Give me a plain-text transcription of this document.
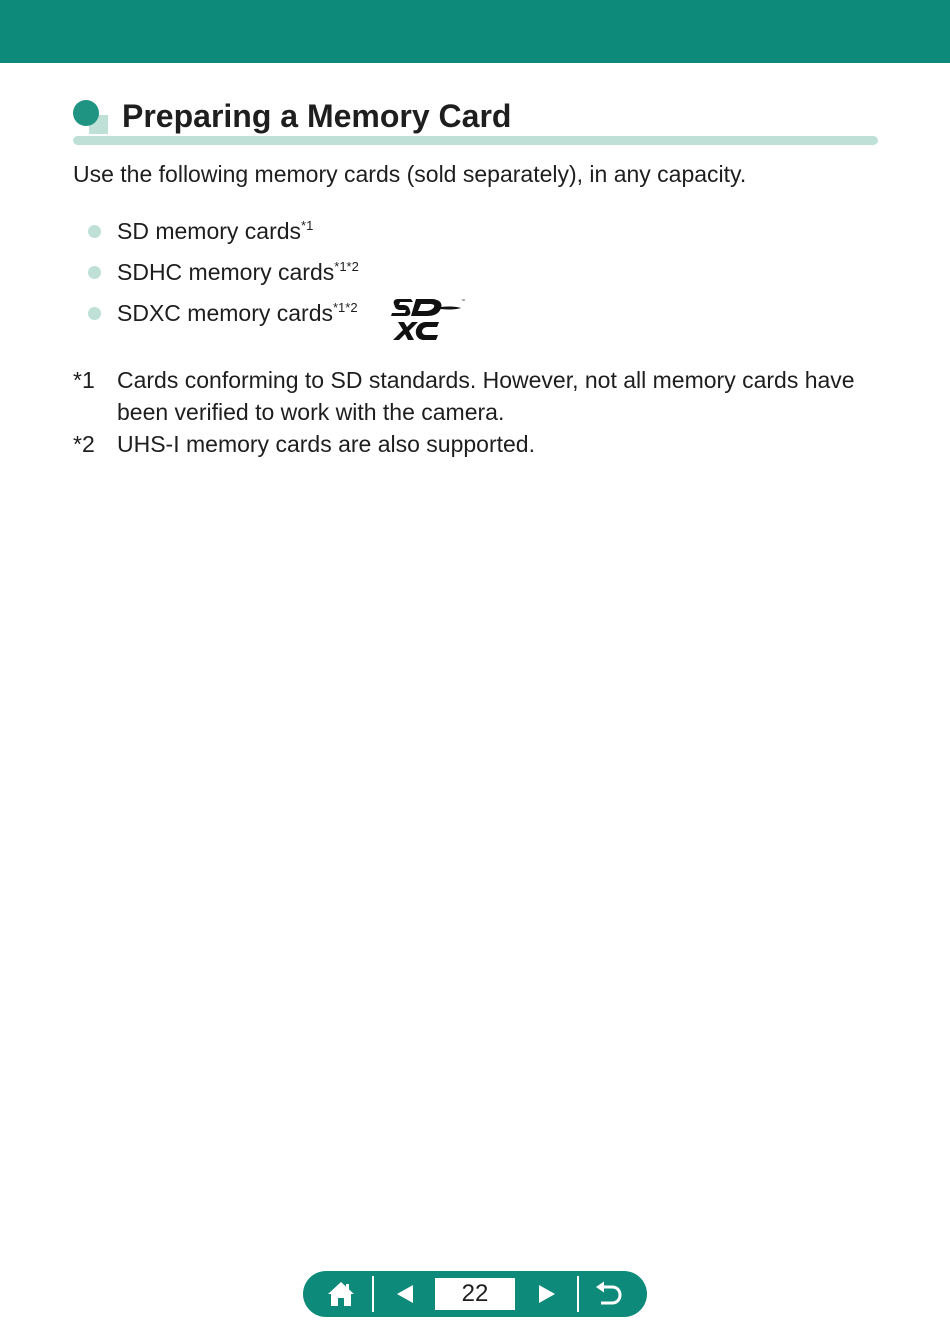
Preparing a Memory Card
Use the following memory cards (sold separately), in any capacity.
SD memory cards$^{*1}$
SDHC memory cards$^{*1*2}$
SDXC memory cards$^{*1*2}$	™
*1 Cards conforming to SD standards. However, not all memory cards have been verified to work with the camera.
*2 UHS-I memory cards are also supported.
22
